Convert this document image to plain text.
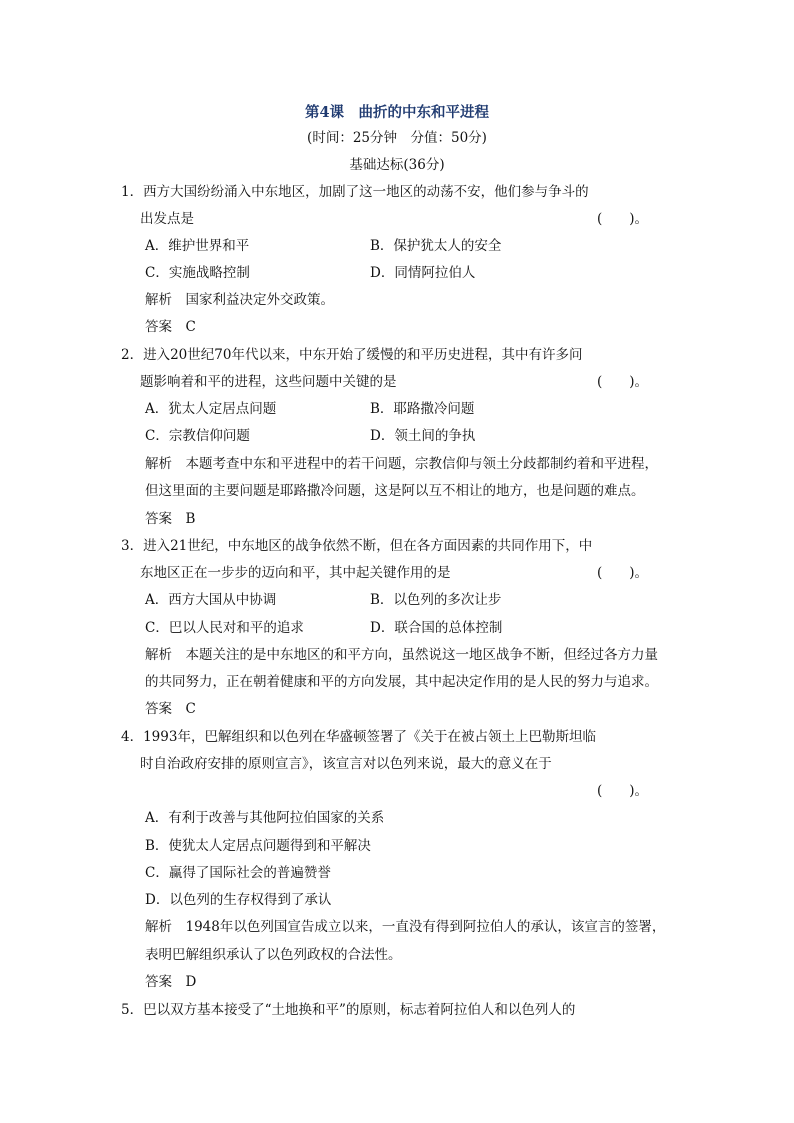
第4课　曲折的中东和平进程
(时间：25分钟　分值：50分)
基础达标(36分)
1．西方大国纷纷涌入中东地区，加剧了这一地区的动荡不安，他们参与争斗的
出发点是	(　　)。
A．维护世界和平	B．保护犹太人的安全
C．实施战略控制	D．同情阿拉伯人
解析　国家利益决定外交政策。
答案　C
2．进入20世纪70年代以来，中东开始了缓慢的和平历史进程，其中有许多问
题影响着和平的进程，这些问题中关键的是	(　　)。
A．犹太人定居点问题	B．耶路撒冷问题
C．宗教信仰问题	D．领土间的争执
解析　本题考查中东和平进程中的若干问题，宗教信仰与领土分歧都制约着和平进程，
但这里面的主要问题是耶路撒冷问题，这是阿以互不相让的地方，也是问题的难点。
答案　B
3．进入21世纪，中东地区的战争依然不断，但在各方面因素的共同作用下，中
东地区正在一步步的迈向和平，其中起关键作用的是	(　　)。
A．西方大国从中协调	B．以色列的多次让步
C．巴以人民对和平的追求	D．联合国的总体控制
解析　本题关注的是中东地区的和平方向，虽然说这一地区战争不断，但经过各方力量
的共同努力，正在朝着健康和平的方向发展，其中起决定作用的是人民的努力与追求。
答案　C
4．1993年，巴解组织和以色列在华盛顿签署了《关于在被占领土上巴勒斯坦临
时自治政府安排的原则宣言》，该宣言对以色列来说，最大的意义在于
(　　)。
A．有利于改善与其他阿拉伯国家的关系
B．使犹太人定居点问题得到和平解决
C．赢得了国际社会的普遍赞誉
D．以色列的生存权得到了承认
解析　1948年以色列国宣告成立以来，一直没有得到阿拉伯人的承认，该宣言的签署，
表明巴解组织承认了以色列政权的合法性。
答案　D
5．巴以双方基本接受了“土地换和平”的原则，标志着阿拉伯人和以色列人的
